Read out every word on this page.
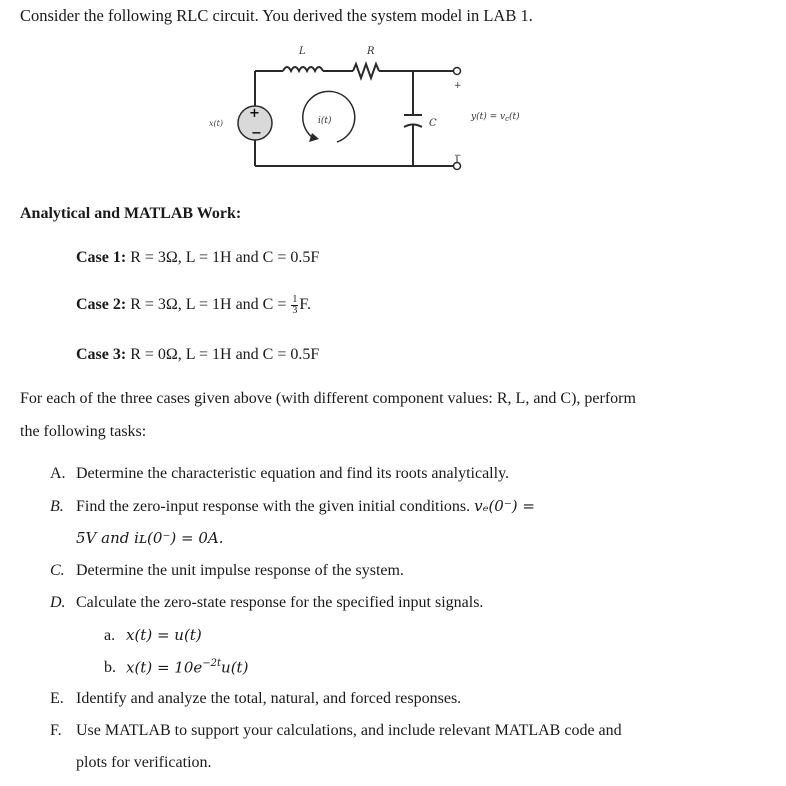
Consider the following RLC circuit. You derived the system model in LAB 1.
+
−
L	R
C
x(t)	i(t)
+
−
$y(t) = v_c(t)$
Analytical and MATLAB Work:
Case 1: R = 3Ω, L = 1H and C = 0.5F
Case 2: R = 3Ω, L = 1H and $C = \frac{1}{3} F$.
Case 3: R = 0Ω, L = 1H and C = 0.5F
For each of the three cases given above (with different component values: R, L, and C), perform
the following tasks:
A. Determine the characteristic equation and find its roots analytically.
B. Find the zero-input response with the given initial conditions. vₑ(0⁻) =
5V and iʟ(0⁻) = 0A.
C. Determine the unit impulse response of the system.
D. Calculate the zero-state response for the specified input signals.
a. x(t) = u(t)
b. $x(t) = 10e^{-2t}u(t)$
E. Identify and analyze the total, natural, and forced responses.
F. Use MATLAB to support your calculations, and include relevant MATLAB code and
plots for verification.
